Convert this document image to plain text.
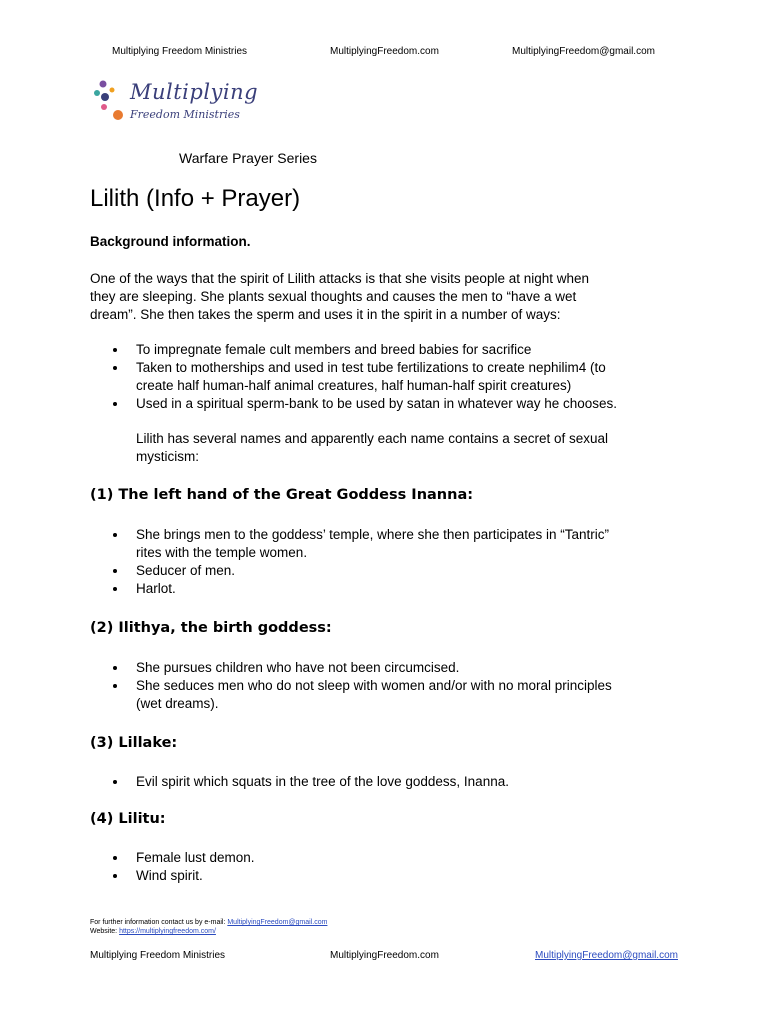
Multiplying Freedom Ministries	MultiplyingFreedom.com	MultiplyingFreedom@gmail.com
Multiplying
Freedom Ministries
Warfare Prayer Series
Lilith (Info + Prayer)
Background information.
One of the ways that the spirit of Lilith attacks is that she visits people at night when
they are sleeping. She plants sexual thoughts and causes the men to “have a wet
dream”. She then takes the sperm and uses it in the spirit in a number of ways:
To impregnate female cult members and breed babies for sacrifice
Taken to motherships and used in test tube fertilizations to create nephilim4 (to
create half human-half animal creatures, half human-half spirit creatures)
Used in a spiritual sperm-bank to be used by satan in whatever way he chooses.
Lilith has several names and apparently each name contains a secret of sexual
mysticism:
(1) The left hand of the Great Goddess Inanna:
She brings men to the goddess’ temple, where she then participates in “Tantric”
rites with the temple women.
Seducer of men.
Harlot.
(2) Ilithya, the birth goddess:
She pursues children who have not been circumcised.
She seduces men who do not sleep with women and/or with no moral principles
(wet dreams).
(3) Lillake:
Evil spirit which squats in the tree of the love goddess, Inanna.
(4) Lilitu:
Female lust demon.
Wind spirit.
For further information contact us by e-mail: MultiplyingFreedom@gmail.com
Website: https://multiplyingfreedom.com/
Multiplying Freedom Ministries	MultiplyingFreedom.com	MultiplyingFreedom@gmail.com
